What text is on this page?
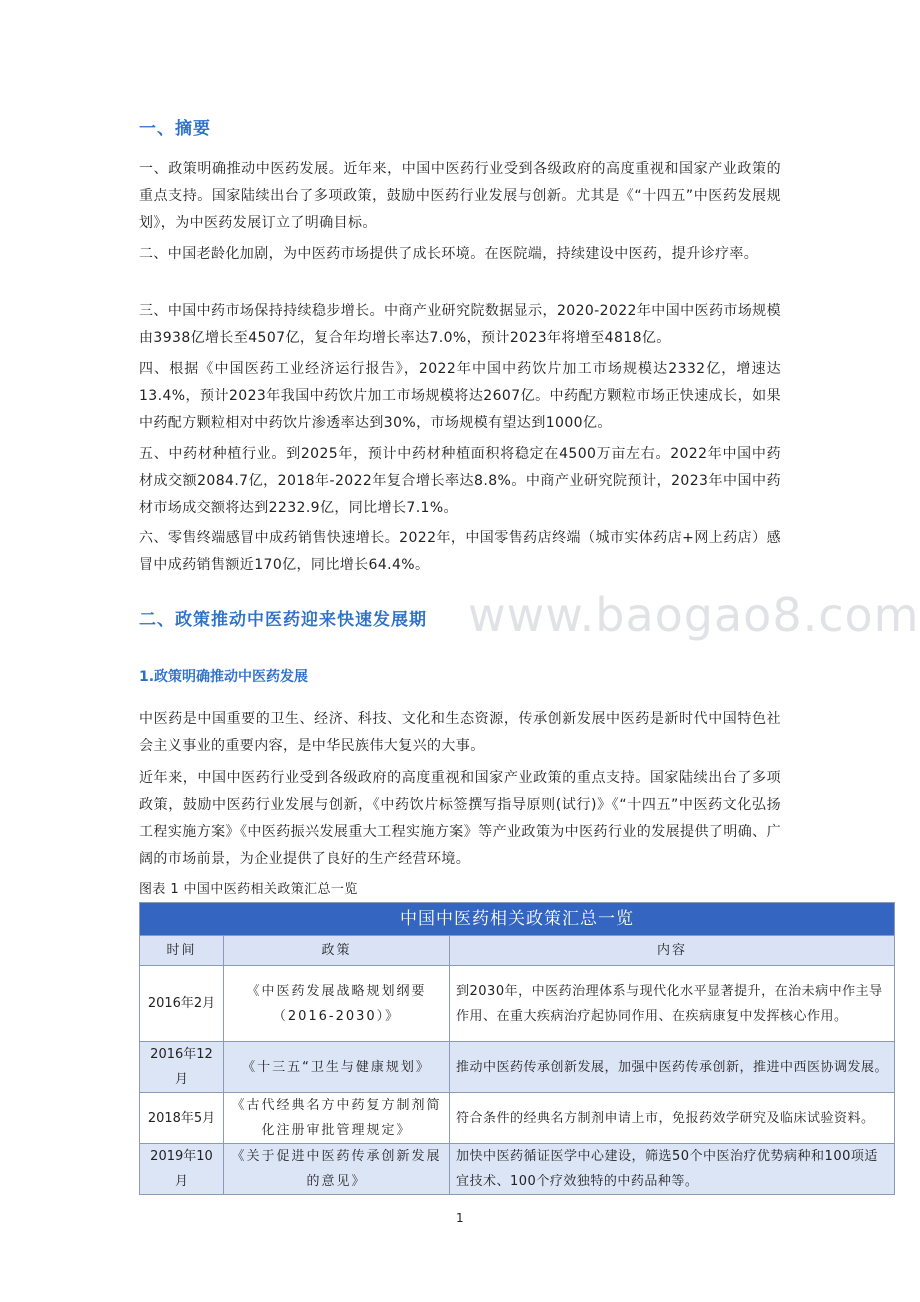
一、摘要

一、政策明确推动中医药发展。近年来，中国中医药行业受到各级政府的高度重视和国家产业政策的重点支持。国家陆续出台了多项政策，鼓励中医药行业发展与创新。尤其是《“十四五”中医药发展规划》，为中医药发展订立了明确目标。

二、中国老龄化加剧，为中医药市场提供了成长环境。在医院端，持续建设中医药，提升诊疗率。

三、中国中药市场保持持续稳步增长。中商产业研究院数据显示，2020-2022年中国中医药市场规模由3938亿增长至4507亿，复合年均增长率达7.0%，预计2023年将增至4818亿。

四、根据《中国医药工业经济运行报告》，2022年中国中药饮片加工市场规模达2332亿，增速达13.4%，预计2023年我国中药饮片加工市场规模将达2607亿。中药配方颗粒市场正快速成长，如果中药配方颗粒相对中药饮片渗透率达到30%，市场规模有望达到1000亿。

五、中药材种植行业。到2025年，预计中药材种植面积将稳定在4500万亩左右。2022年中国中药材成交额2084.7亿，2018年-2022年复合增长率达8.8%。中商产业研究院预计，2023年中国中药材市场成交额将达到2232.9亿，同比增长7.1%。

六、零售终端感冒中成药销售快速增长。2022年，中国零售药店终端（城市实体药店+网上药店）感冒中成药销售额近170亿，同比增长64.4%。

二、政策推动中医药迎来快速发展期 www.baogao8.com
1.政策明确推动中医药发展

中医药是中国重要的卫生、经济、科技、文化和生态资源，传承创新发展中医药是新时代中国特色社会主义事业的重要内容，是中华民族伟大复兴的大事。

近年来，中国中医药行业受到各级政府的高度重视和国家产业政策的重点支持。国家陆续出台了多项政策，鼓励中医药行业发展与创新，《中药饮片标签撰写指导原则(试行)》《“十四五”中医药文化弘扬工程实施方案》《中医药振兴发展重大工程实施方案》等产业政策为中医药行业的发展提供了明确、广阔的市场前景，为企业提供了良好的生产经营环境。

图表 1 中国中医药相关政策汇总一览
中国中医药相关政策汇总一览		
时间	政策	内容
2016年2月	《中医药发展战略规划纲要（2016-2030）》	到2030年，中医药治理体系与现代化水平显著提升，在治未病中作主导作用、在重大疾病治疗起协同作用、在疾病康复中发挥核心作用。
2016年12月	《十三五“卫生与健康规划》	推动中医药传承创新发展，加强中医药传承创新，推进中西医协调发展。
2018年5月	《古代经典名方中药复方制剂简化注册审批管理规定》	符合条件的经典名方制剂申请上市，免报药效学研究及临床试验资料。
2019年10月	《关于促进中医药传承创新发展的意见》	加快中医药循证医学中心建设，筛选50个中医治疗优势病种和100项适宜技术、100个疗效独特的中药品种等。
1
